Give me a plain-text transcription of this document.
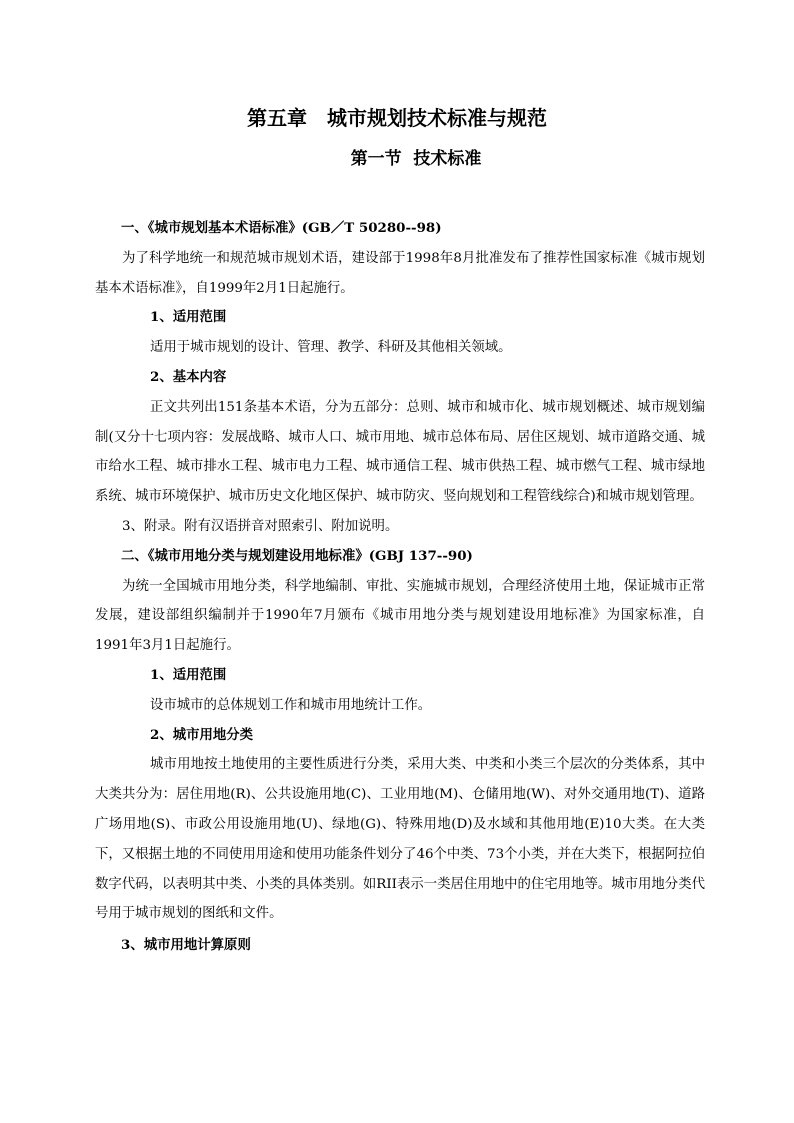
第五章　城市规划技术标准与规范
第一节  技术标准

一、《城市规划基本术语标准》(GB／T 50280--98)

为了科学地统一和规范城市规划术语，建设部于1998年8月批准发布了推荐性国家标准《城市规划基本术语标准》，自1999年2月1日起施行。

1、适用范围

适用于城市规划的设计、管理、教学、科研及其他相关领域。

2、基本内容

正文共列出151条基本术语，分为五部分：总则、城市和城市化、城市规划概述、城市规划编制(又分十七项内容：发展战略、城市人口、城市用地、城市总体布局、居住区规划、城市道路交通、城市给水工程、城市排水工程、城市电力工程、城市通信工程、城市供热工程、城市燃气工程、城市绿地系统、城市环境保护、城市历史文化地区保护、城市防灾、竖向规划和工程管线综合)和城市规划管理。

3、附录。附有汉语拼音对照索引、附加说明。

二、《城市用地分类与规划建设用地标准》(GBJ 137--90)

为统一全国城市用地分类，科学地编制、审批、实施城市规划，合理经济使用土地，保证城市正常发展，建设部组织编制并于1990年7月颁布《城市用地分类与规划建设用地标准》为国家标准，自1991年3月1日起施行。

1、适用范围

设市城市的总体规划工作和城市用地统计工作。

2、城市用地分类

城市用地按土地使用的主要性质进行分类，采用大类、中类和小类三个层次的分类体系，其中大类共分为：居住用地(R)、公共设施用地(C)、工业用地(M)、仓储用地(W)、对外交通用地(T)、道路广场用地(S)、市政公用设施用地(U)、绿地(G)、特殊用地(D)及水域和其他用地(E)10大类。在大类下，又根据土地的不同使用用途和使用功能条件划分了46个中类、73个小类，并在大类下，根据阿拉伯数字代码，以表明其中类、小类的具体类别。如RII表示一类居住用地中的住宅用地等。城市用地分类代号用于城市规划的图纸和文件。

3、城市用地计算原则
